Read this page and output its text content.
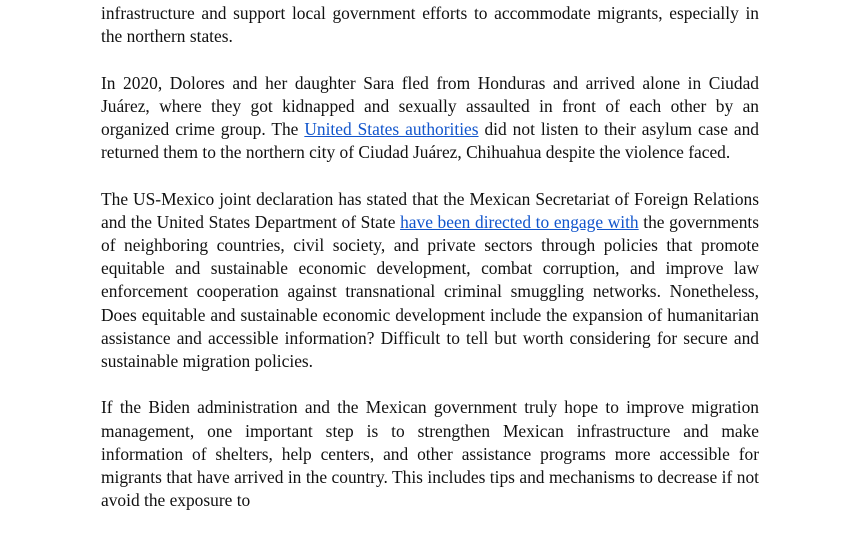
infrastructure and support local government efforts to accommodate migrants, especially in the northern states.

In 2020, Dolores and her daughter Sara fled from Honduras and arrived alone in Ciudad Juárez, where they got kidnapped and sexually assaulted in front of each other by an organized crime group. The United States authorities did not listen to their asylum case and returned them to the northern city of Ciudad Juárez, Chihuahua despite the violence faced.

The US-Mexico joint declaration has stated that the Mexican Secretariat of Foreign Relations and the United States Department of State have been directed to engage with the governments of neighboring countries, civil society, and private sectors through policies that promote equitable and sustainable economic development, combat corruption, and improve law enforcement cooperation against transnational criminal smuggling networks. Nonetheless, Does equitable and sustainable economic development include the expansion of humanitarian assistance and accessible information? Difficult to tell but worth considering for secure and sustainable migration policies.

If the Biden administration and the Mexican government truly hope to improve migration management, one important step is to strengthen Mexican infrastructure and make information of shelters, help centers, and other assistance programs more accessible for migrants that have arrived in the country. This includes tips and mechanisms to decrease if not avoid the exposure to
